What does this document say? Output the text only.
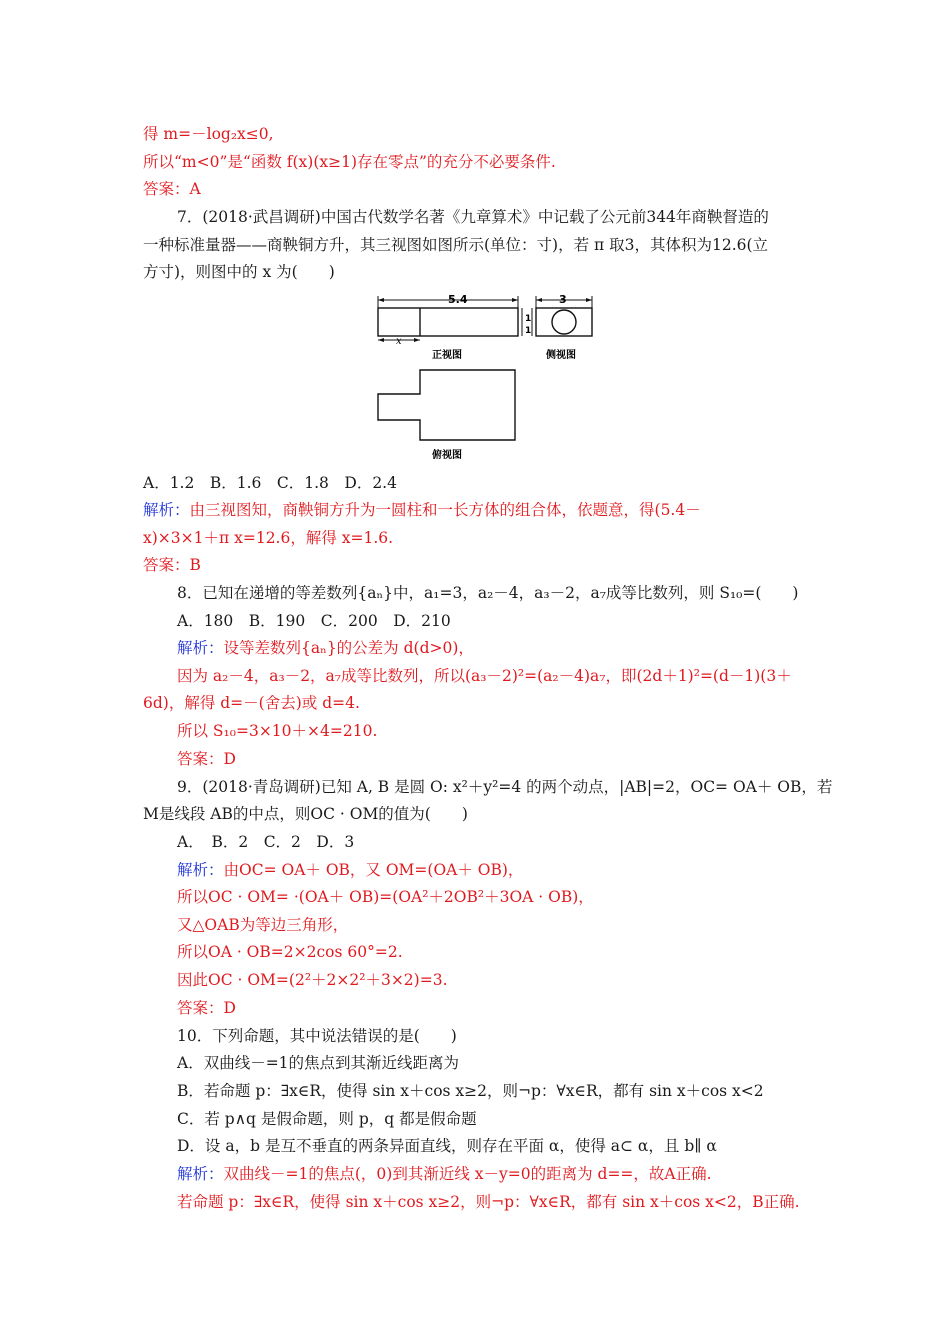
得 m=－log₂x≤0,
所以“m<0”是“函数 f(x)(x≥1)存在零点”的充分不必要条件.
答案：A
7．(2018·武昌调研)中国古代数学名著《九章算术》中记载了公元前344年商鞅督造的
一种标准量器——商鞅铜方升，其三视图如图所示(单位：寸)，若 π 取3，其体积为12.6(立
方寸)，则图中的 x 为(　　)
5.4	3
1
1
x
正视图	侧视图
俯视图
A．1.2　B．1.6　C．1.8　D．2.4
解析：由三视图知，商鞅铜方升为一圆柱和一长方体的组合体，依题意，得(5.4－
x)×3×1＋π x=12.6，解得 x=1.6.
答案：B
8．已知在递增的等差数列{aₙ}中，a₁=3，a₂－4，a₃－2，a₇成等比数列，则 S₁₀=(　　)
A．180　B．190　C．200　D．210
解析：设等差数列{aₙ}的公差为 d(d>0)，
因为 a₂－4，a₃－2，a₇成等比数列，所以(a₃－2)²=(a₂－4)a₇，即(2d＋1)²=(d－1)(3＋
6d)，解得 d=－(舍去)或 d=4.
所以 S₁₀=3×10＋×4=210.
答案：D
9．(2018·青岛调研)已知 A, B 是圆 O: x²＋y²=4 的两个动点，|AB|=2，OC= OA＋ OB，若
M是线段 AB的中点，则OC · OM的值为(　　)
A．　B．2　C．2　D．3
解析：由OC= OA＋ OB，又 OM=(OA＋ OB)，
所以OC · OM= ·(OA＋ OB)=(OA²＋2OB²＋3OA · OB)，
又△OAB为等边三角形，
所以OA · OB=2×2cos 60°=2.
因此OC · OM=(2²＋2×2²＋3×2)=3.
答案：D
10．下列命题，其中说法错误的是(　　)
A．双曲线－=1的焦点到其渐近线距离为
B．若命题 p：∃x∈R，使得 sin x＋cos x≥2，则¬p：∀x∈R，都有 sin x＋cos x<2
C．若 p∧q 是假命题，则 p，q 都是假命题
D．设 a，b 是互不垂直的两条异面直线，则存在平面 α，使得 a⊂ α，且 b∥ α
解析：双曲线－=1的焦点(，0)到其渐近线 x－y=0的距离为 d==，故A正确.
若命题 p：∃x∈R，使得 sin x＋cos x≥2，则¬p：∀x∈R，都有 sin x＋cos x<2，B正确.
